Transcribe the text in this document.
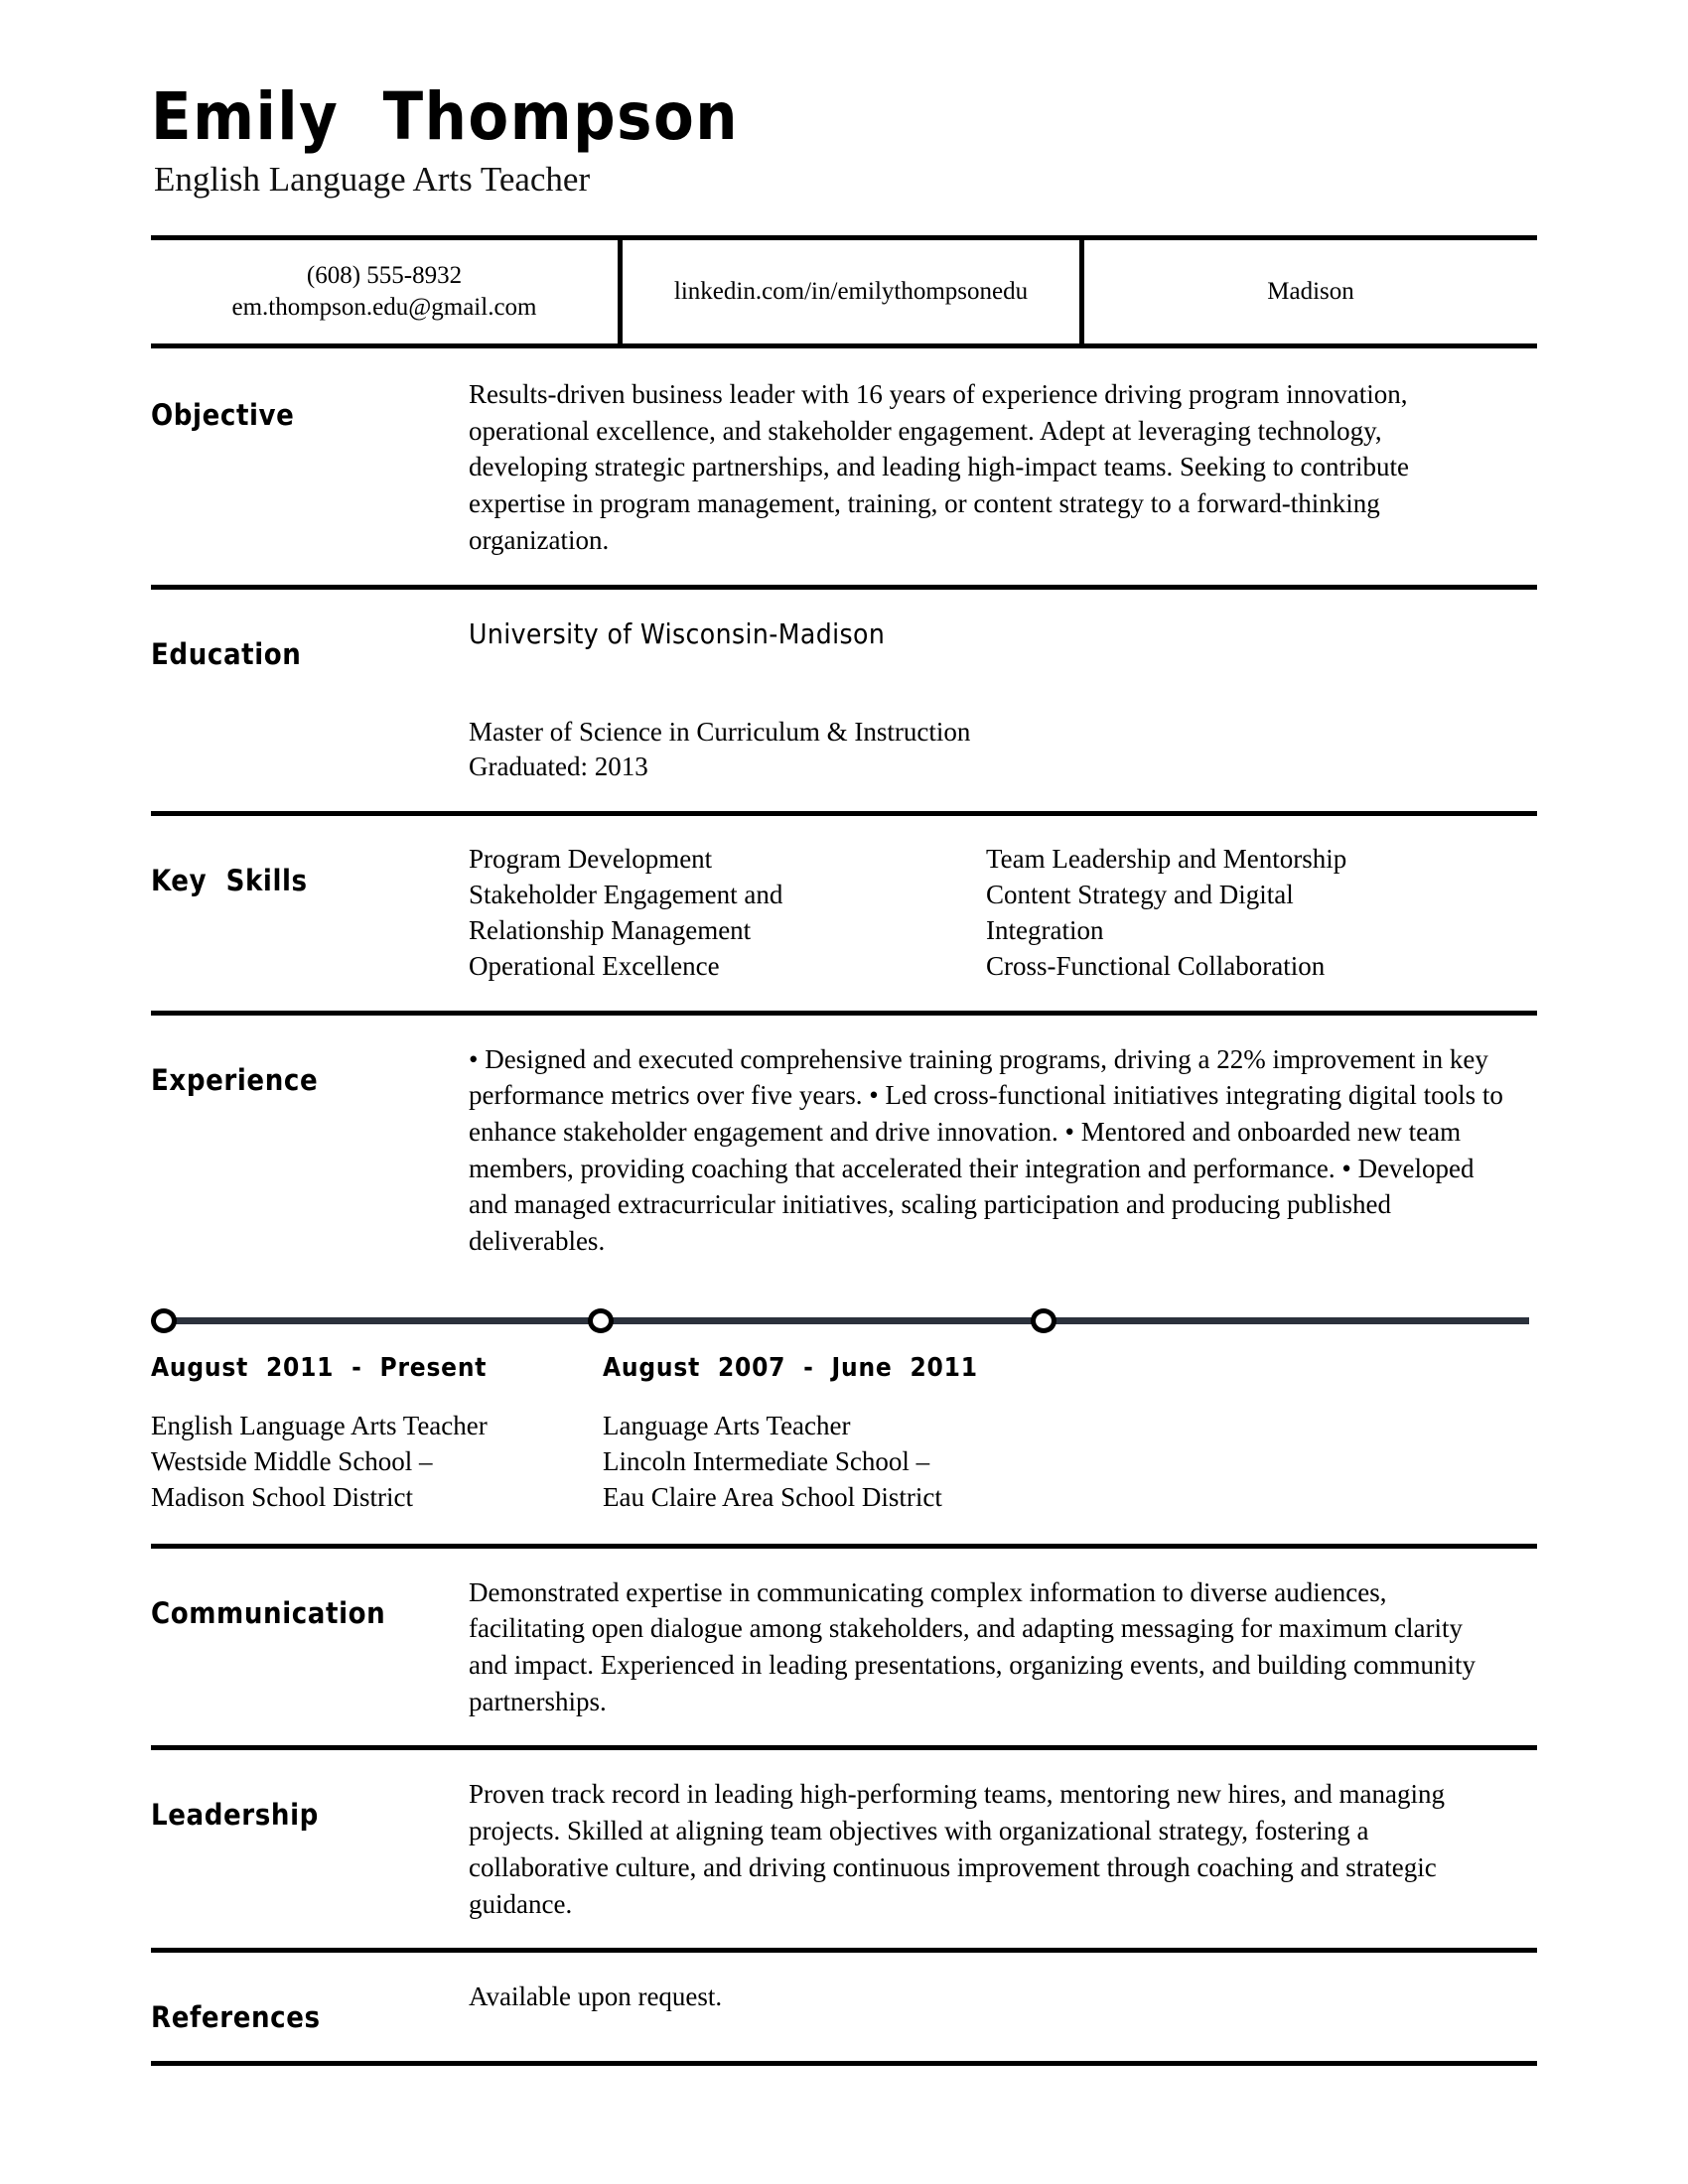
Emily  Thompson
English Language Arts Teacher
(608) 555-8932
em.thompson.edu@gmail.com
linkedin.com/in/emilythompsonedu	Madison
Objective

Results-driven business leader with 16 years of experience driving program innovation, operational excellence, and stakeholder engagement. Adept at leveraging technology, developing strategic partnerships, and leading high-impact teams. Seeking to contribute expertise in program management, training, or content strategy to a forward-thinking organization.

Education

University of Wisconsin-Madison

Master of Science in Curriculum & Instruction

Graduated: 2013

Key  Skills

Program Development

Stakeholder Engagement and

Relationship Management

Operational Excellence

Team Leadership and Mentorship

Content Strategy and Digital

Integration

Cross-Functional Collaboration

Experience

• Designed and executed comprehensive training programs, driving a 22% improvement in key performance metrics over five years. • Led cross-functional initiatives integrating digital tools to enhance stakeholder engagement and drive innovation. • Mentored and onboarded new team members, providing coaching that accelerated their integration and performance. • Developed and managed extracurricular initiatives, scaling participation and producing published deliverables.

August  2011  -  Present

English Language Arts Teacher

Westside Middle School –

Madison School District

August  2007  -  June  2011

Language Arts Teacher

Lincoln Intermediate School –

Eau Claire Area School District

Communication

Demonstrated expertise in communicating complex information to diverse audiences, facilitating open dialogue among stakeholders, and adapting messaging for maximum clarity and impact. Experienced in leading presentations, organizing events, and building community partnerships.

Leadership

Proven track record in leading high-performing teams, mentoring new hires, and managing projects. Skilled at aligning team objectives with organizational strategy, fostering a collaborative culture, and driving continuous improvement through coaching and strategic guidance.

References

Available upon request.
